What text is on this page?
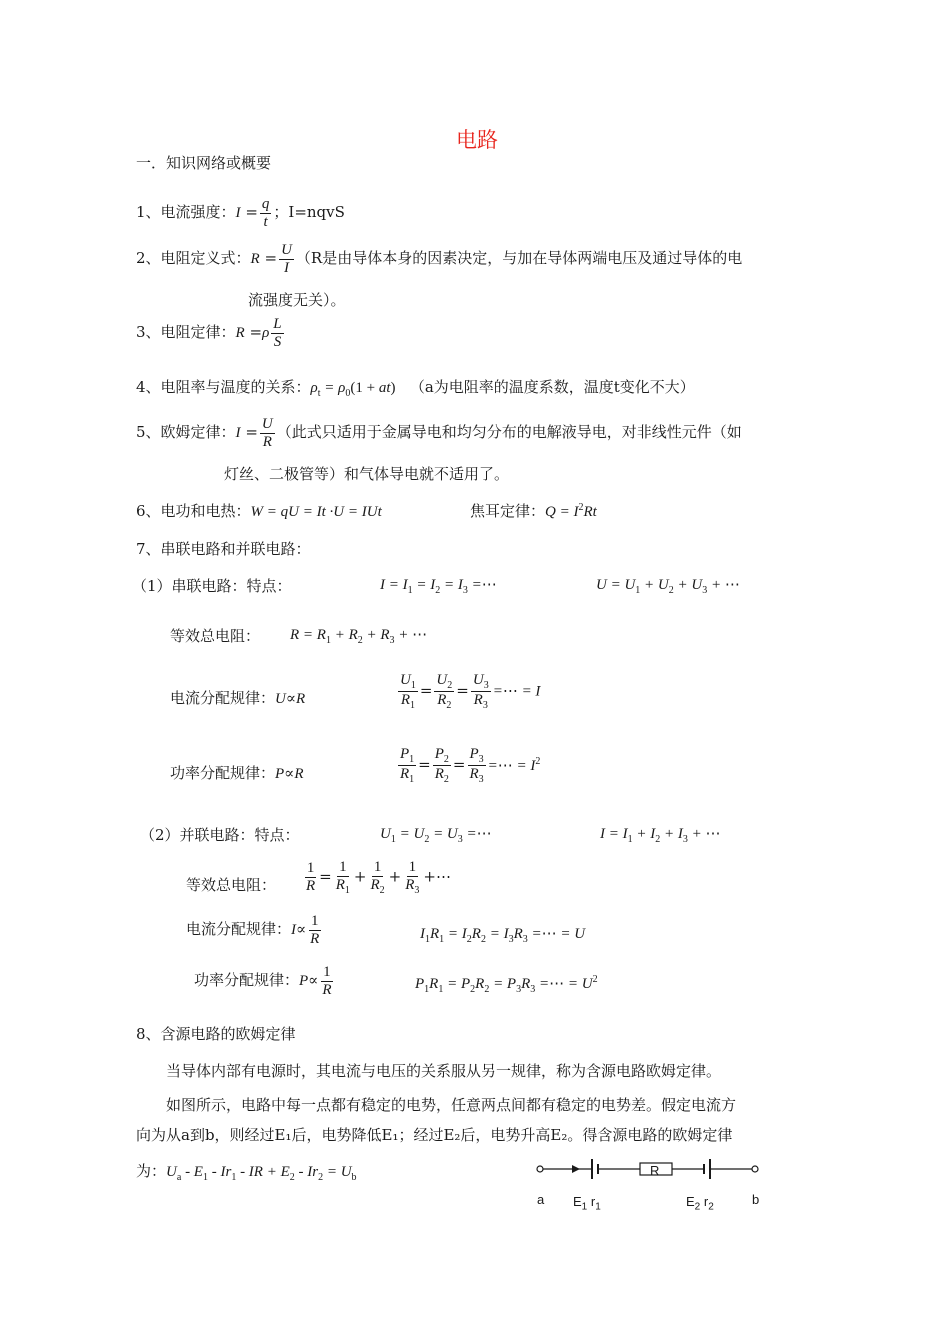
电路
一．知识网络或概要
1、电流强度：$I = \frac{q}{t}$ ；I=nqvS
2、电阻定义式：$R = \frac{U}{I} (R$是由导体本身的因素决定，与加在导体两端电压及通过导体的电
流强度无关）。
3、电阻定律：$R =\rho \frac{L}{S}$
4、电阻率与温度的关系：$\rho_t = \rho_0(1 + at)$ （a为电阻率的温度系数，温度t变化不大）
5、欧姆定律：$I = \frac{U}{R}$ （此式只适用于金属导电和均匀分布的电解液导电，对非线性元件（如
灯丝、二极管等）和气体导电就不适用了。
6、电功和电热：W = qU = It ·U = IUt	焦耳定律：$Q = I^2Rt$
7、串联电路和并联电路：
（1）串联电路：特点：	$I = I_1 = I_2 = I_3$ =⋯	$U = U_1 + U_2 + U_3$ + ⋯
等效总电阻： $R = R_1 + R_2 + R_3$ + ⋯
电流分配规律：U∝R	$\frac{U_1}{R_1} = \frac{U_2}{R_2} = \frac{U_3}{R_3}$ =⋯ = I
功率分配规律：P∝R	$\frac{P_1}{R_1} = \frac{P_2}{R_2} = \frac{P_3}{R_3}$ =⋯ = $I^2$
（2）并联电路：特点：	$U_1 = U_2 = U_3$ =⋯	$I = I_1 + I_2 + I_3$ + ⋯
等效总电阻： $\frac{1}{R} = \frac{1}{R_1} + \frac{1}{R_2} + \frac{1}{R_3}$ +⋯
电流分配规律：$I\propto \frac{1}{R}$	$I_1R_1 = I_2R_2 = I_3R_3$ =⋯ = U
功率分配规律：$P\propto \frac{1}{R}$	$P_1R_1 = P_2R_2 = P_3R_3$ =⋯ = $U^2$
8、含源电路的欧姆定律
当导体内部有电源时，其电流与电压的关系服从另一规律，称为含源电路欧姆定律。
如图所示，电路中每一点都有稳定的电势，任意两点间都有稳定的电势差。假定电流方
向为从a到b，则经过E₁后，电势降低E₁；经过E₂后，电势升高E₂。得含源电路的欧姆定律
为：$U_a - E_1 - Ir_1$ - IR + $E_2 - Ir_2 = U_b$	R
a $E_1$ $r_1$	$E_2$ $r_2$
b
